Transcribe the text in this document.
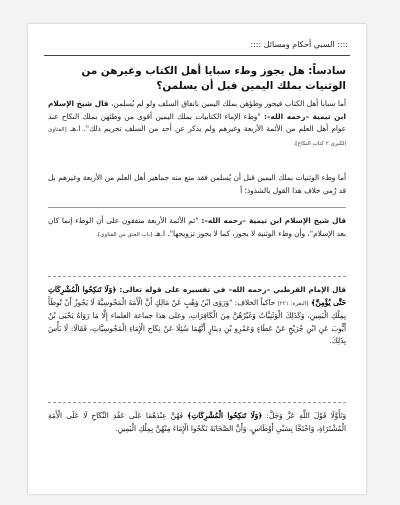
:::: السبي أحكام ومسائل ::::
سادساً: هل يجوز وطء سبايا أهل الكتاب وغيرهن من
الوثنيات بملك اليمين قبل أن يسلمن؟
أما سبايا أهل الكتاب فيجوز وطؤهن بملك اليمين باتفاق السلف ولو لم يُسلمن، قال شيخ الإسلام ابن تيمية –رحمه الله–: "وطء الإماء الكتابيات بملك اليمين أقوى من وطئهن بملك النكاح عند عوام أهل العلم من الأئمة الأربعة وغيرهم ولم يذكر عن أحد من السلف تحريم ذلك". ا.هـ [الفتاوى الكبرى ٢ كتاب النكاح].
أما وطء الوثنيات بملك اليمين قبل أن يُسلمن فقد منع منه جماهير أهل العلم من الأربعة وغيرهم بل قد رُمي خلاف هذا القول بالشذوذ؛ أ
قال شيخ الإسلام ابن تيمية –رحمه الله–: "ثم الأئمة الأربعة متفقون على أن الوطء إنما كان بعد الإسلام"، وأن وطء الوثنية لا يجوز، كما لا يجوز تزويجها". ا.هـ [باب العتق من الفتاوى].
قال الإمام القرطبي –رحمه الله– في تفسيره على قوله تعالى: ﴿وَلَا تَنكِحُوا الْمُشْرِكَاتِ حَتَّى يُؤْمِنَّ﴾ [البقرة: ٢٢١] حاكياً الخلاف: "وَرَوَى ابْنُ وَهْبٍ عَنْ مَالِكٍ أَنَّ الْأَمَةَ الْمَجُوسِيَّةَ لَا يَجُوزُ أَنْ تُوطَأَ بِمِلْكِ الْيَمِينِ، وَكَذَلِكَ الْوَثَنِيَّاتُ وَغَيْرُهُنَّ مِنَ الْكَافِرَاتِ، وعلى هذا جماعة العلماء إِلَّا مَا رَوَاهُ يَحْيَى بْنُ أَيُّوبَ عَنِ ابْنِ جُرَيْجٍ عَنْ عَطَاءٍ وَعَمْرِو بْنِ دِينَارٍ أَنَّهُمَا سُئِلَا عَنْ نِكَاحِ الْإِمَاءِ الْمَجُوسِيَّاتِ، فَقَالَا: لَا بَأْسَ بِذَلِكَ.
وَتَأَوَّلَا قَوْلَ اللَّهِ عَزَّ وَجَلَّ: ﴿وَلَا تَنكِحُوا الْمُشْرِكَاتِ﴾ فَهُنَّ عِنْدَهُمَا عَلَى عَقْدِ النِّكَاحِ لَا عَلَى الْأَمَةِ الْمُشْتَرَاةِ، وَاحْتَجَّا بِسَبْيِ أَوْطَاسٍ، وَأَنَّ الصَّحَابَةَ نَكَحُوا الْإِمَاءَ مِنْهُنَّ بِمِلْكِ الْيَمِينِ.
